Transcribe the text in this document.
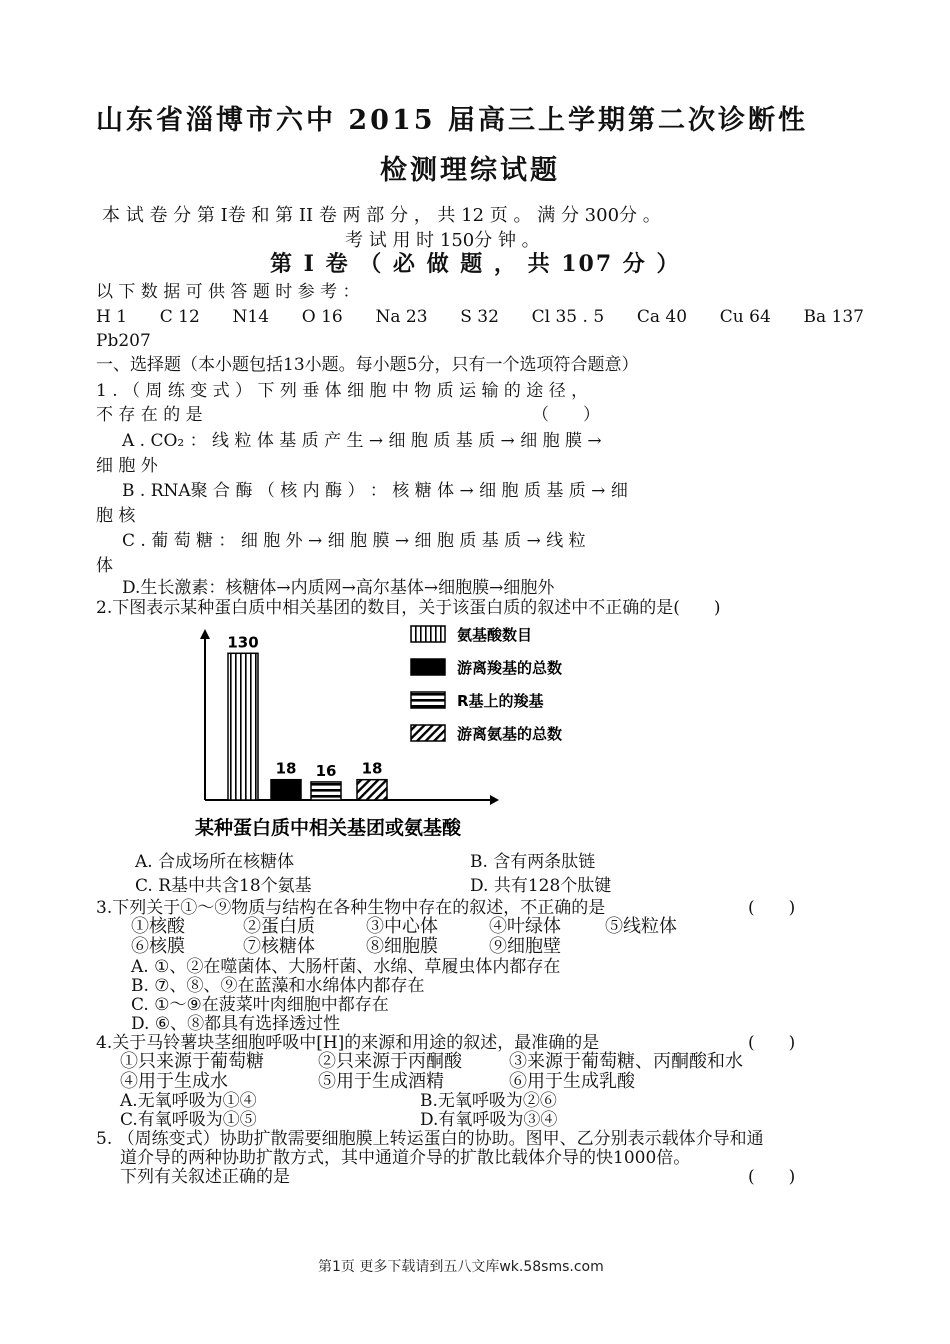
山东省淄博市六中 2015 届高三上学期第二次诊断性
检测理综试题
本 试 卷 分 第 I卷 和 第 II 卷 两 部 分 ， 共 12 页 。 满 分 300分 。
考 试 用 时 150分 钟 。
第 I 卷 （ 必 做 题 ， 共 107 分 ）
以 下 数 据 可 供 答 题 时 参 考 ：
H 1 C 12 N14 O 16 Na 23 S 32 Cl 35 . 5 Ca 40 Cu 64 Ba 137
Pb207
一、选择题（本小题包括13小题。每小题5分，只有一个选项符合题意）
1 . （ 周 练 变 式 ） 下 列 垂 体 细 胞 中 物 质 运 输 的 途 径 ，
不 存 在 的 是	（　　）
A . CO₂ ： 线 粒 体 基 质 产 生 → 细 胞 质 基 质 → 细 胞 膜 →
细 胞 外
B . RNA聚 合 酶 （ 核 内 酶 ） ： 核 糖 体 → 细 胞 质 基 质 → 细
胞 核
C . 葡 萄 糖 ： 细 胞 外 → 细 胞 膜 → 细 胞 质 基 质 → 线 粒
体
D.生长激素：核糖体→内质网→高尔基体→细胞膜→细胞外
2.下图表示某种蛋白质中相关基团的数目，关于该蛋白质的叙述中不正确的是(　　)
130
18 16 18
氨基酸数目
游离羧基的总数
R基上的羧基
游离氨基的总数
某种蛋白质中相关基团或氨基酸
A. 合成场所在核糖体	B. 含有两条肽链
C. R基中共含18个氨基	D. 共有128个肽键
3.下列关于①～⑨物质与结构在各种生物中存在的叙述，不正确的是	(　　)
①核酸	②蛋白质	③中心体	④叶绿体 ⑤线粒体
⑥核膜	⑦核糖体	⑧细胞膜	⑨细胞壁
A. ①、②在噬菌体、大肠杆菌、水绵、草履虫体内都存在
B. ⑦、⑧、⑨在蓝藻和水绵体内都存在
C. ①～⑨在菠菜叶肉细胞中都存在
D. ⑥、⑧都具有选择透过性
4.关于马铃薯块茎细胞呼吸中[H]的来源和用途的叙述，最准确的是	(　　)
①只来源于葡萄糖	②只来源于丙酮酸	③来源于葡萄糖、丙酮酸和水
④用于生成水	⑤用于生成酒精	⑥用于生成乳酸
A.无氧呼吸为①④	B.无氧呼吸为②⑥
C.有氧呼吸为①⑤	D.有氧呼吸为③④
5. （周练变式）协助扩散需要细胞膜上转运蛋白的协助。图甲、乙分别表示载体介导和通
道介导的两种协助扩散方式，其中通道介导的扩散比载体介导的快1000倍。
下列有关叙述正确的是	(　　)
第1页 更多下载请到五八文库wk.58sms.com
